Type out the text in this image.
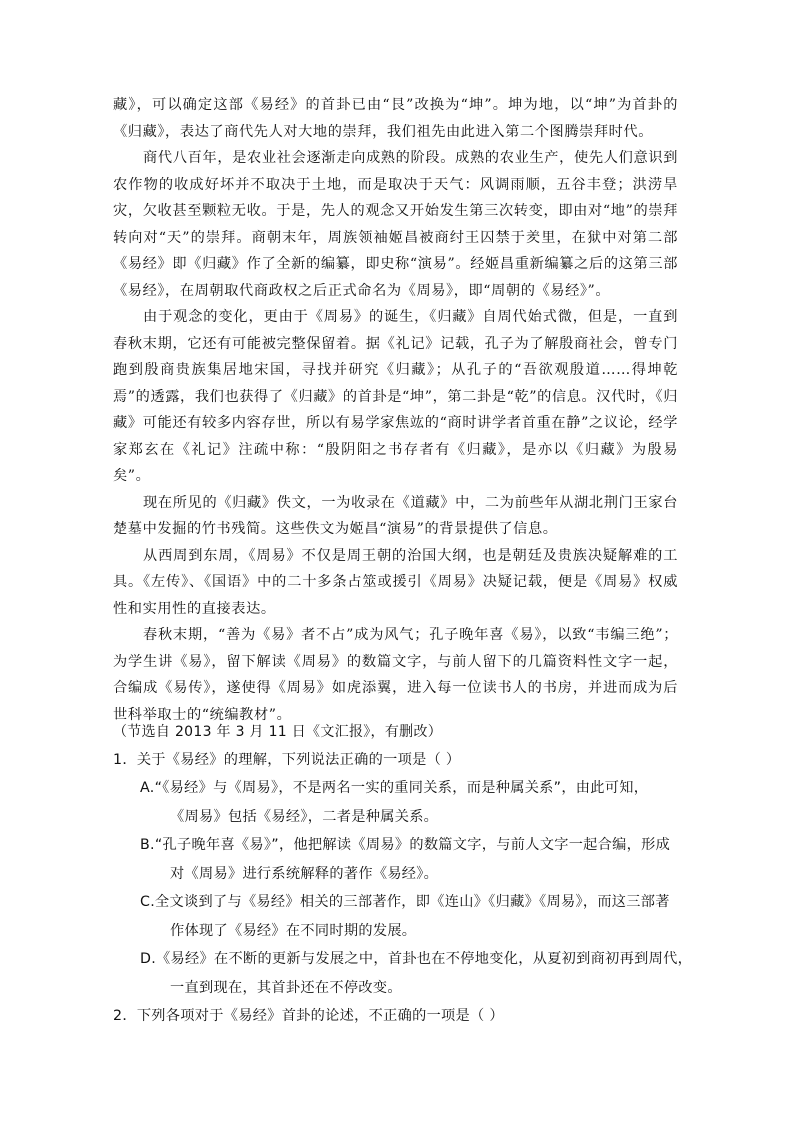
藏》，可以确定这部《易经》的首卦已由“艮”改换为“坤”。坤为地，以“坤”为首卦的《归藏》，表达了商代先人对大地的崇拜，我们祖先由此进入第二个图腾崇拜时代。

商代八百年，是农业社会逐渐走向成熟的阶段。成熟的农业生产，使先人们意识到农作物的收成好坏并不取决于土地，而是取决于天气：风调雨顺，五谷丰登；洪涝旱灾，欠收甚至颗粒无收。于是，先人的观念又开始发生第三次转变，即由对“地”的崇拜转向对“天”的崇拜。商朝末年，周族领袖姬昌被商纣王囚禁于羑里，在狱中对第二部《易经》即《归藏》作了全新的编纂，即史称“演易”。经姬昌重新编纂之后的这第三部《易经》，在周朝取代商政权之后正式命名为《周易》，即“周朝的《易经》”。

由于观念的变化，更由于《周易》的诞生，《归藏》自周代始式微，但是，一直到春秋末期，它还有可能被完整保留着。据《礼记》记载，孔子为了解殷商社会，曾专门跑到殷商贵族集居地宋国，寻找并研究《归藏》；从孔子的“吾欲观殷道……得坤乾焉”的透露，我们也获得了《归藏》的首卦是“坤”，第二卦是“乾”的信息。汉代时，《归藏》可能还有较多内容存世，所以有易学家焦竑的“商时讲学者首重在静”之议论，经学家郑玄在《礼记》注疏中称：“殷阴阳之书存者有《归藏》，是亦以《归藏》为殷易矣”。

现在所见的《归藏》佚文，一为收录在《道藏》中，二为前些年从湖北荆门王家台楚墓中发掘的竹书残简。这些佚文为姬昌“演易”的背景提供了信息。

从西周到东周，《周易》不仅是周王朝的治国大纲，也是朝廷及贵族决疑解难的工具。《左传》、《国语》中的二十多条占筮或援引《周易》决疑记载，便是《周易》权威性和实用性的直接表达。

春秋末期，“善为《易》者不占”成为风气；孔子晚年喜《易》，以致“韦编三绝”；为学生讲《易》，留下解读《周易》的数篇文字，与前人留下的几篇资料性文字一起，合编成《易传》，遂使得《周易》如虎添翼，进入每一位读书人的书房，并进而成为后世科举取士的“统编教材”。

（节选自 2013 年 3 月 11 日《文汇报》，有删改）

1．关于《易经》的理解，下列说法正确的一项是（ ）

A.“《易经》与《周易》，不是两名一实的重同关系，而是种属关系”，由此可知，
《周易》包括《易经》，二者是种属关系。
B.“孔子晚年喜《易》”，他把解读《周易》的数篇文字，与前人文字一起合编，形成
对《周易》进行系统解释的著作《易经》。
C.全文谈到了与《易经》相关的三部著作，即《连山》《归藏》《周易》，而这三部著
作体现了《易经》在不同时期的发展。
D.《易经》在不断的更新与发展之中，首卦也在不停地变化，从夏初到商初再到周代，
一直到现在，其首卦还在不停改变。

2．下列各项对于《易经》首卦的论述，不正确的一项是（ ）
